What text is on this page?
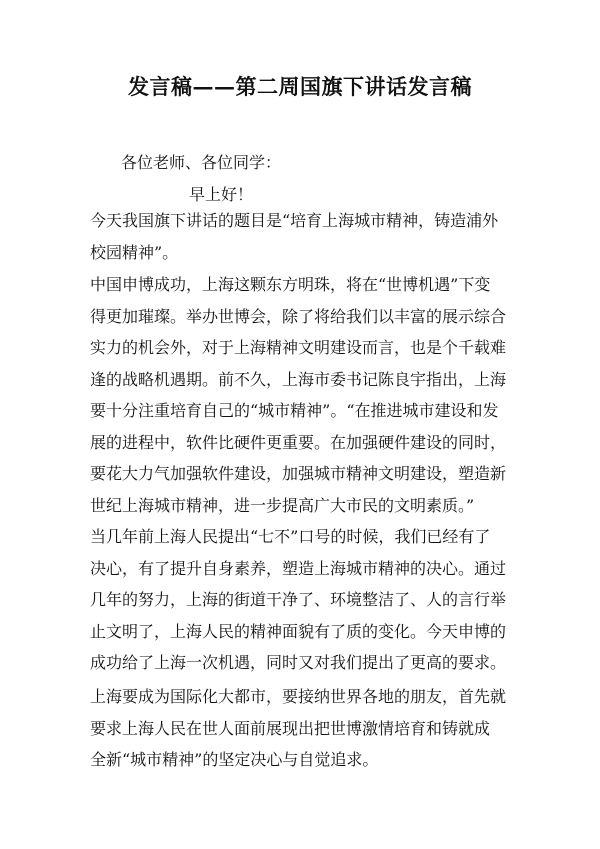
发言稿——第二周国旗下讲话发言稿
各位老师、各位同学：
早上好！
今天我国旗下讲话的题目是“培育上海城市精神，铸造浦外
校园精神”。
中国申博成功，上海这颗东方明珠，将在“世博机遇”下变
得更加璀璨。举办世博会，除了将给我们以丰富的展示综合
实力的机会外，对于上海精神文明建设而言，也是个千载难
逢的战略机遇期。前不久，上海市委书记陈良宇指出，上海
要十分注重培育自己的“城市精神”。“在推进城市建设和发
展的进程中，软件比硬件更重要。在加强硬件建设的同时，
要花大力气加强软件建设，加强城市精神文明建设，塑造新
世纪上海城市精神，进一步提高广大市民的文明素质。”
当几年前上海人民提出“七不”口号的时候，我们已经有了
决心，有了提升自身素养，塑造上海城市精神的决心。通过
几年的努力，上海的街道干净了、环境整洁了、人的言行举
止文明了，上海人民的精神面貌有了质的变化。今天申博的
成功给了上海一次机遇，同时又对我们提出了更高的要求。
上海要成为国际化大都市，要接纳世界各地的朋友，首先就
要求上海人民在世人面前展现出把世博激情培育和铸就成
全新“城市精神”的坚定决心与自觉追求。
